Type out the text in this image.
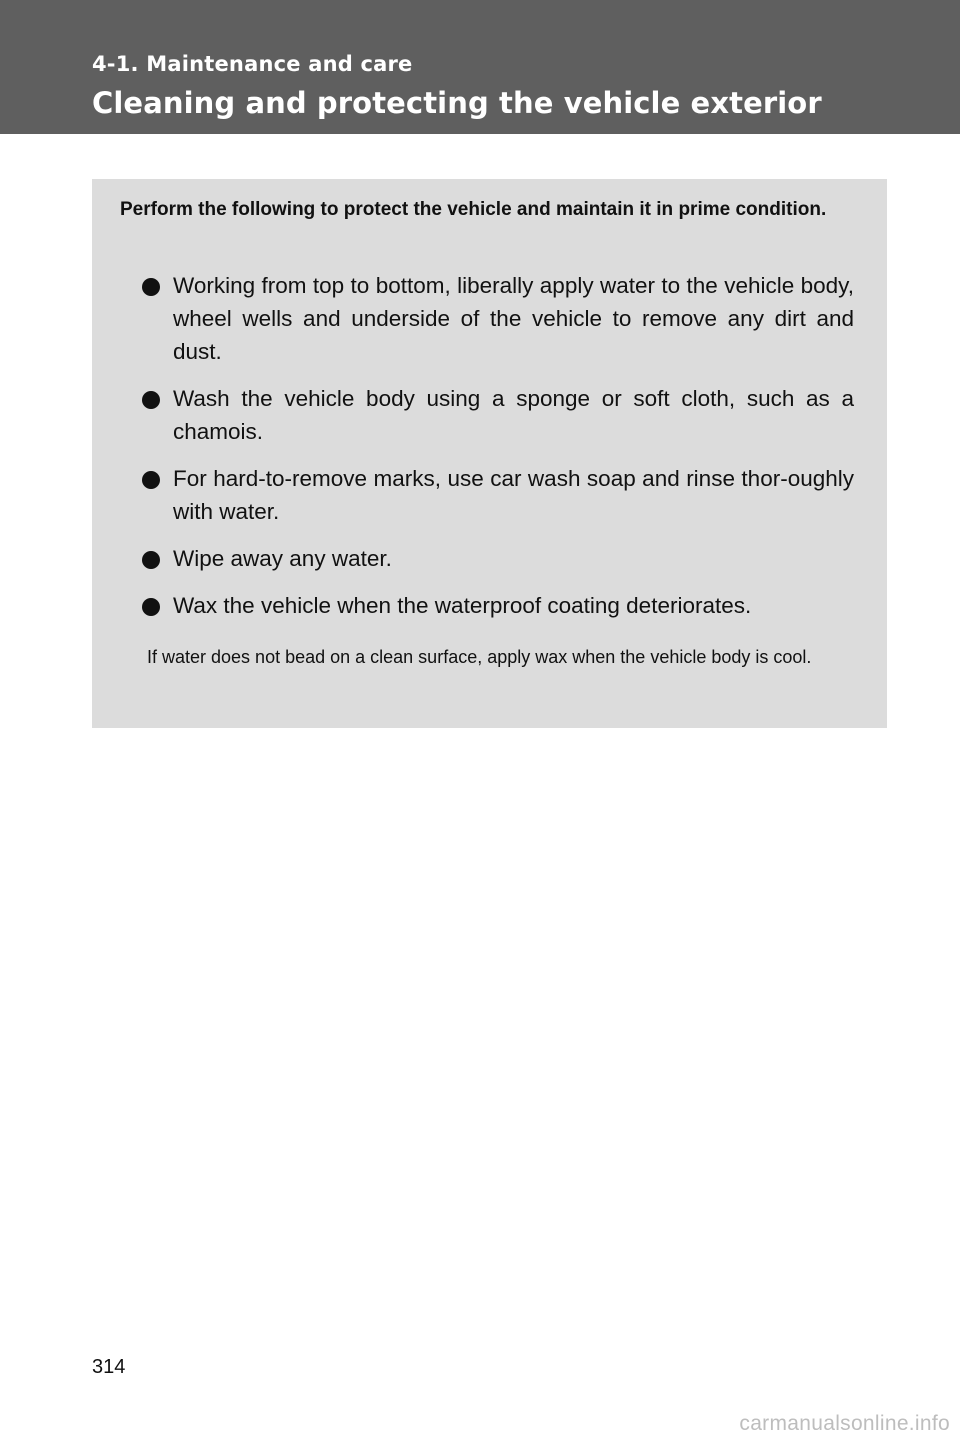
4-1. Maintenance and care
Cleaning and protecting the vehicle exterior
Perform the following to protect the vehicle and maintain it in prime condition.
Working from top to bottom, liberally apply water to the vehicle body, wheel wells and underside of the vehicle to remove any dirt and dust.
Wash the vehicle body using a sponge or soft cloth, such as a chamois.
For hard-to-remove marks, use car wash soap and rinse thor-oughly with water.
Wipe away any water.
Wax the vehicle when the waterproof coating deteriorates.
If water does not bead on a clean surface, apply wax when the vehicle body is cool.
314
carmanualsonline.info
